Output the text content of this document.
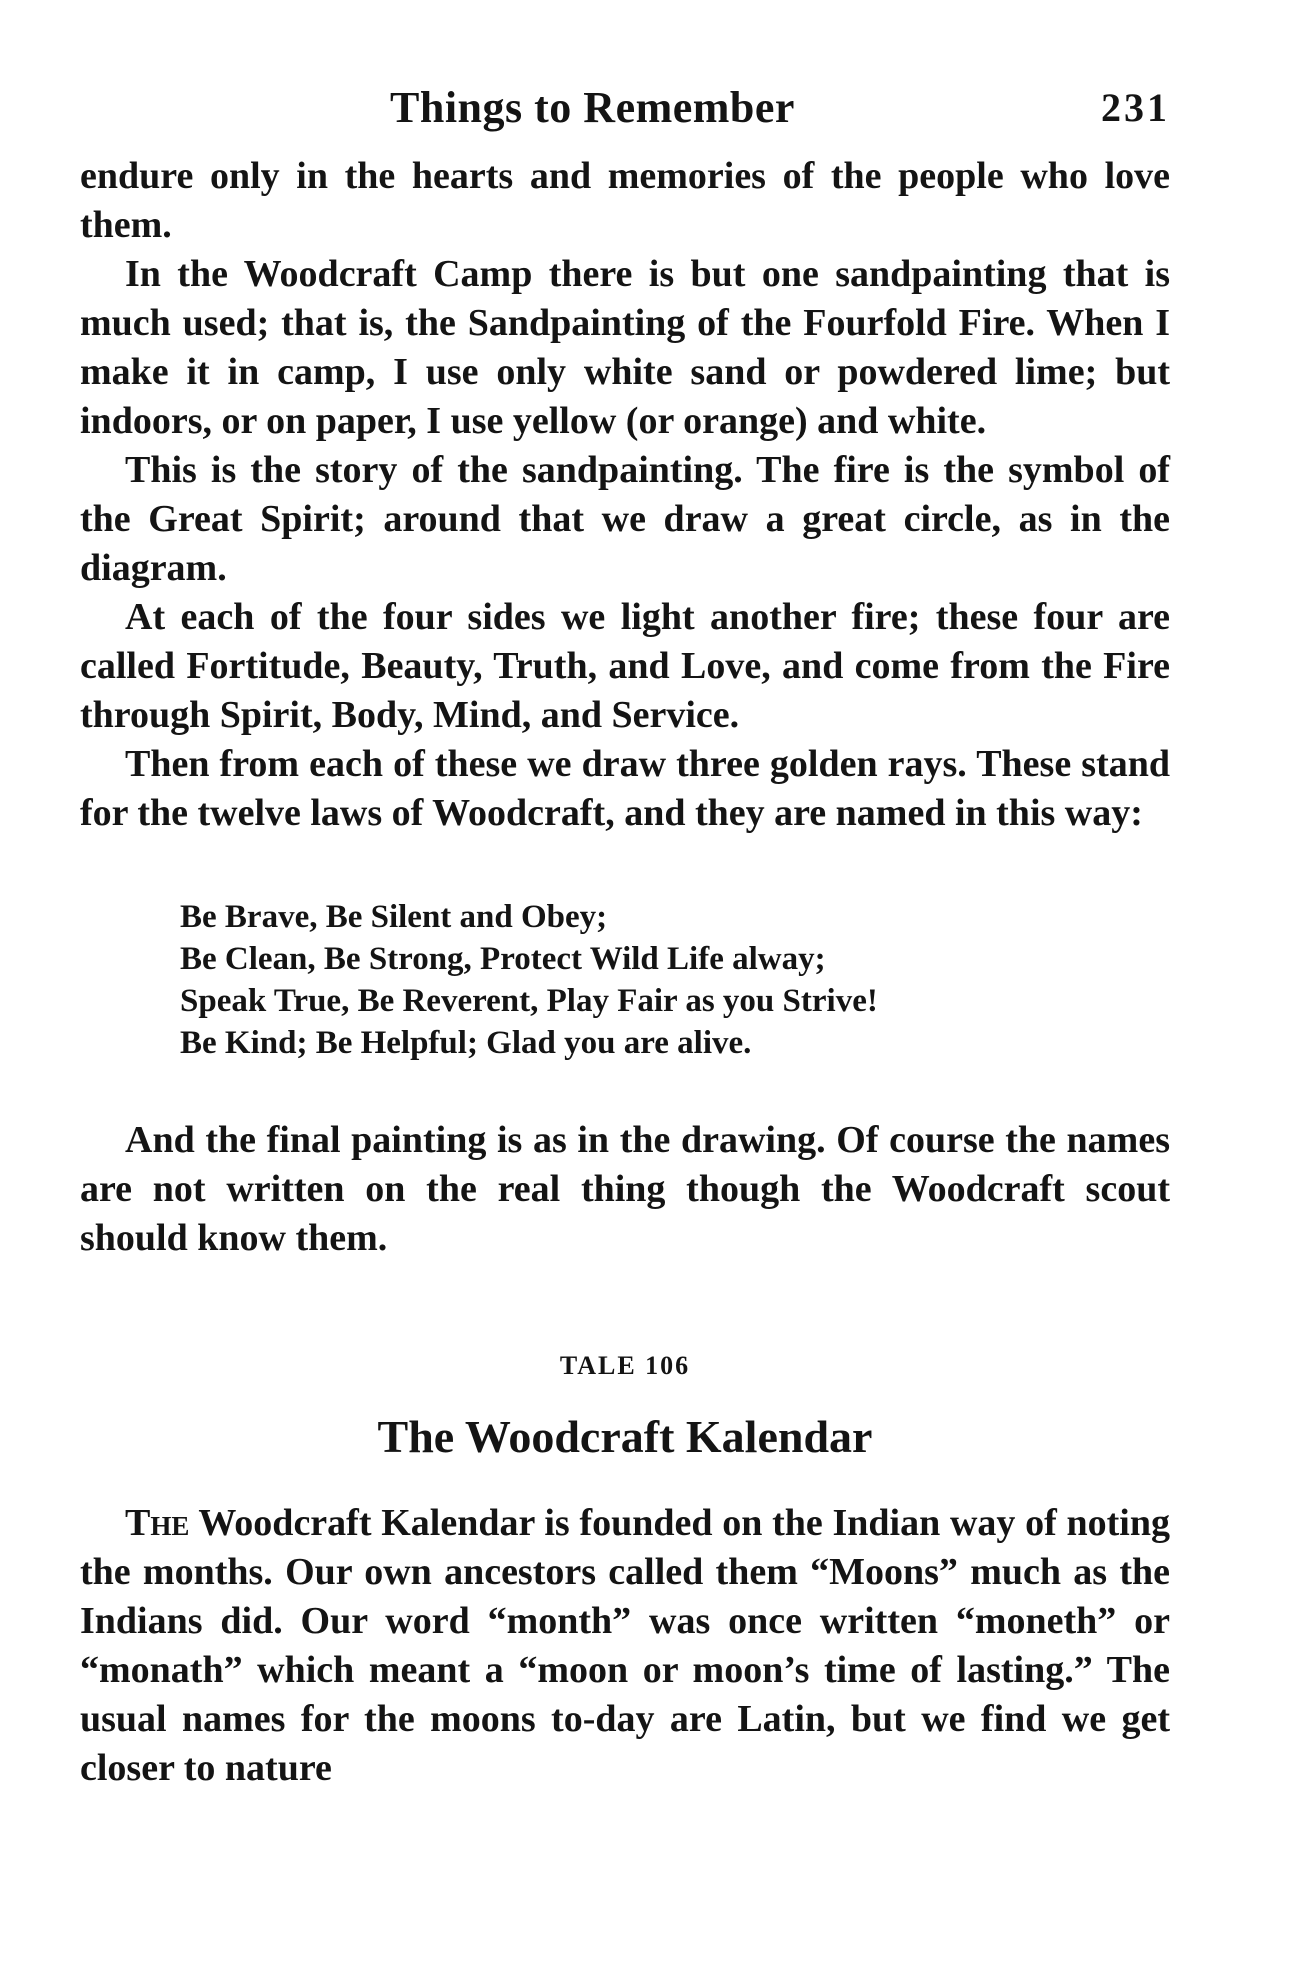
Things to Remember	231

endure only in the hearts and memories of the people who love them.

In the Woodcraft Camp there is but one sandpainting that is much used; that is, the Sandpainting of the Fourfold Fire. When I make it in camp, I use only white sand or powdered lime; but indoors, or on paper, I use yellow (or orange) and white.

This is the story of the sandpainting. The fire is the symbol of the Great Spirit; around that we draw a great circle, as in the diagram.

At each of the four sides we light another fire; these four are called Fortitude, Beauty, Truth, and Love, and come from the Fire through Spirit, Body, Mind, and Service.

Then from each of these we draw three golden rays. These stand for the twelve laws of Woodcraft, and they are named in this way:

Be Brave, Be Silent and Obey;
Be Clean, Be Strong, Protect Wild Life alway;
Speak True, Be Reverent, Play Fair as you Strive!
Be Kind; Be Helpful; Glad you are alive.

And the final painting is as in the drawing. Of course the names are not written on the real thing though the Woodcraft scout should know them.

TALE 106
The Woodcraft Kalendar

The Woodcraft Kalendar is founded on the Indian way of noting the months. Our own ancestors called them “Moons” much as the Indians did. Our word “month” was once written “moneth” or “monath” which meant a “moon or moon’s time of lasting.” The usual names for the moons to-day are Latin, but we find we get closer to nature
